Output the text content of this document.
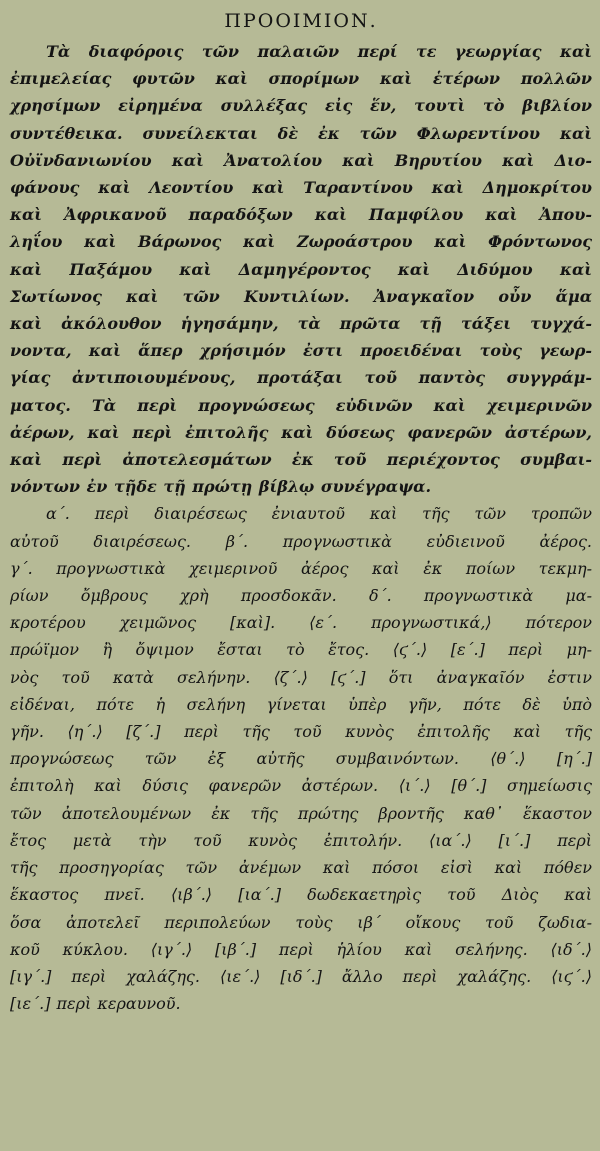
ΠΡΟΟΙΜΙΟΝ.
Τὰ διαφόροις τῶν παλαιῶν περί τε γεωργίας καὶ
ἐπιμελείας φυτῶν καὶ σπορίμων καὶ ἑτέρων πολλῶν
χρησίμων εἰρημένα συλλέξας εἰς ἕν, τουτὶ τὸ βιβλίον
συντέθεικα. συνείλεκται δὲ ἐκ τῶν Φλωρεντίνου καὶ
Οὐϊνδανιωνίου καὶ Ἀνατολίου καὶ Βηρυτίου καὶ Διο-
φάνους καὶ Λεοντίου καὶ Ταραντίνου καὶ Δημοκρίτου
καὶ Ἀφρικανοῦ παραδόξων καὶ Παμφίλου καὶ Ἀπου-
ληΐου καὶ Βάρωνος καὶ Ζωροάστρου καὶ Φρόντωνος
καὶ Παξάμου καὶ Δαμηγέροντος καὶ Διδύμου καὶ
Σωτίωνος καὶ τῶν Κυντιλίων. Ἀναγκαῖον οὖν ἅμα
καὶ ἀκόλουθον ἡγησάμην, τὰ πρῶτα τῇ τάξει τυγχά-
νοντα, καὶ ἅπερ χρήσιμόν ἐστι προειδέναι τοὺς γεωρ-
γίας ἀντιποιουμένους, προτάξαι τοῦ παντὸς συγγράμ-
ματος. Τὰ περὶ προγνώσεως εὐδινῶν καὶ χειμερινῶν
ἀέρων, καὶ περὶ ἐπιτολῆς καὶ δύσεως φανερῶν ἀστέρων,
καὶ περὶ ἀποτελεσμάτων ἐκ τοῦ περιέχοντος συμβαι-
νόντων ἐν τῇδε τῇ πρώτῃ βίβλῳ συνέγραψα.
α΄. περὶ διαιρέσεως ἐνιαυτοῦ καὶ τῆς τῶν τροπῶν
αὐτοῦ διαιρέσεως. β΄. προγνωστικὰ εὐδιεινοῦ ἀέρος.
γ΄. προγνωστικὰ χειμερινοῦ ἀέρος καὶ ἐκ ποίων τεκμη-
ρίων ὄμβρους χρὴ προσδοκᾶν. δ΄. προγνωστικὰ μα-
κροτέρου χειμῶνος [καὶ]. ⟨ε΄. προγνωστικά,⟩ πότερον
πρώϊμον ἢ ὄψιμον ἔσται τὸ ἔτος. ⟨ϛ΄.⟩ [ε΄.] περὶ μη-
νὸς τοῦ κατὰ σελήνην. ⟨ζ΄.⟩ [ϛ΄.] ὅτι ἀναγκαῖόν ἐστιν
εἰδέναι, πότε ἡ σελήνη γίνεται ὑπὲρ γῆν, πότε δὲ ὑπὸ
γῆν. ⟨η΄.⟩ [ζ΄.] περὶ τῆς τοῦ κυνὸς ἐπιτολῆς καὶ τῆς
προγνώσεως τῶν ἐξ αὐτῆς συμβαινόντων. ⟨θ΄.⟩ [η΄.]
ἐπιτολὴ καὶ δύσις φανερῶν ἀστέρων. ⟨ι΄.⟩ [θ΄.] σημείωσις
τῶν ἀποτελουμένων ἐκ τῆς πρώτης βροντῆς καθ᾽ ἕκαστον
ἔτος μετὰ τὴν τοῦ κυνὸς ἐπιτολήν. ⟨ια΄.⟩ [ι΄.] περὶ
τῆς προσηγορίας τῶν ἀνέμων καὶ πόσοι εἰσὶ καὶ πόθεν
ἕκαστος πνεῖ. ⟨ιβ΄.⟩ [ια΄.] δωδεκαετηρὶς τοῦ Διὸς καὶ
ὅσα ἀποτελεῖ περιπολεύων τοὺς ιβ΄ οἴκους τοῦ ζωδια-
κοῦ κύκλου. ⟨ιγ΄.⟩ [ιβ΄.] περὶ ἡλίου καὶ σελήνης. ⟨ιδ΄.⟩
[ιγ΄.] περὶ χαλάζης. ⟨ιε΄.⟩ [ιδ΄.] ἄλλο περὶ χαλάζης. ⟨ιϛ΄.⟩
[ιε΄.] περὶ κεραυνοῦ.
